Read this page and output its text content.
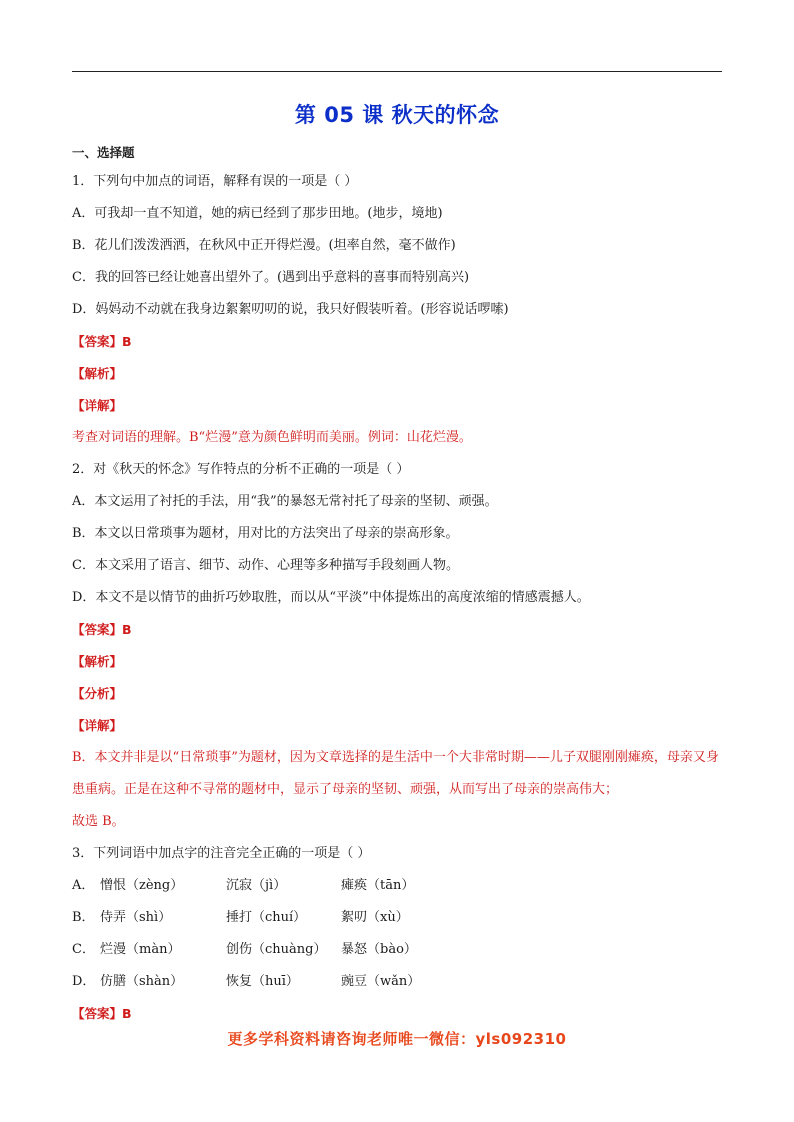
第 05 课 秋天的怀念
一、选择题
1．下列句中加点的词语，解释有误的一项是（ ）
A．可我却一直不知道，她的病已经到了那步田地。(地步，境地)
B．花儿们泼泼洒洒，在秋风中正开得烂漫。(坦率自然，毫不做作)
C．我的回答已经让她喜出望外了。(遇到出乎意料的喜事而特别高兴)
D．妈妈动不动就在我身边絮絮叨叨的说，我只好假装听着。(形容说话啰嗦)
【答案】B
【解析】
【详解】
考查对词语的理解。B“烂漫”意为颜色鲜明而美丽。例词：山花烂漫。
2．对《秋天的怀念》写作特点的分析不正确的一项是（ ）
A．本文运用了衬托的手法，用“我”的暴怒无常衬托了母亲的坚韧、顽强。
B．本文以日常琐事为题材，用对比的方法突出了母亲的崇高形象。
C．本文采用了语言、细节、动作、心理等多种描写手段刻画人物。
D．本文不是以情节的曲折巧妙取胜，而以从“平淡”中体提炼出的高度浓缩的情感震撼人。
【答案】B
【解析】
【分析】
【详解】
B．本文并非是以“日常琐事”为题材，因为文章选择的是生活中一个大非常时期——儿子双腿刚刚瘫痪，母亲又身患重病。正是在这种不寻常的题材中，显示了母亲的坚韧、顽强，从而写出了母亲的崇高伟大；
故选 B。
3．下列词语中加点字的注音完全正确的一项是（ ）
A． 憎恨（zèng）	沉寂（jì）	瘫痪（tān）
B． 侍弄（shì）	捶打（chuí）	絮叨（xù）
C． 烂漫（màn）	创伤（chuàng）	暴怒（bào）
D． 仿膳（shàn）	恢复（huī）	豌豆（wǎn）
【答案】B
更多学科资料请咨询老师唯一微信：yls092310
